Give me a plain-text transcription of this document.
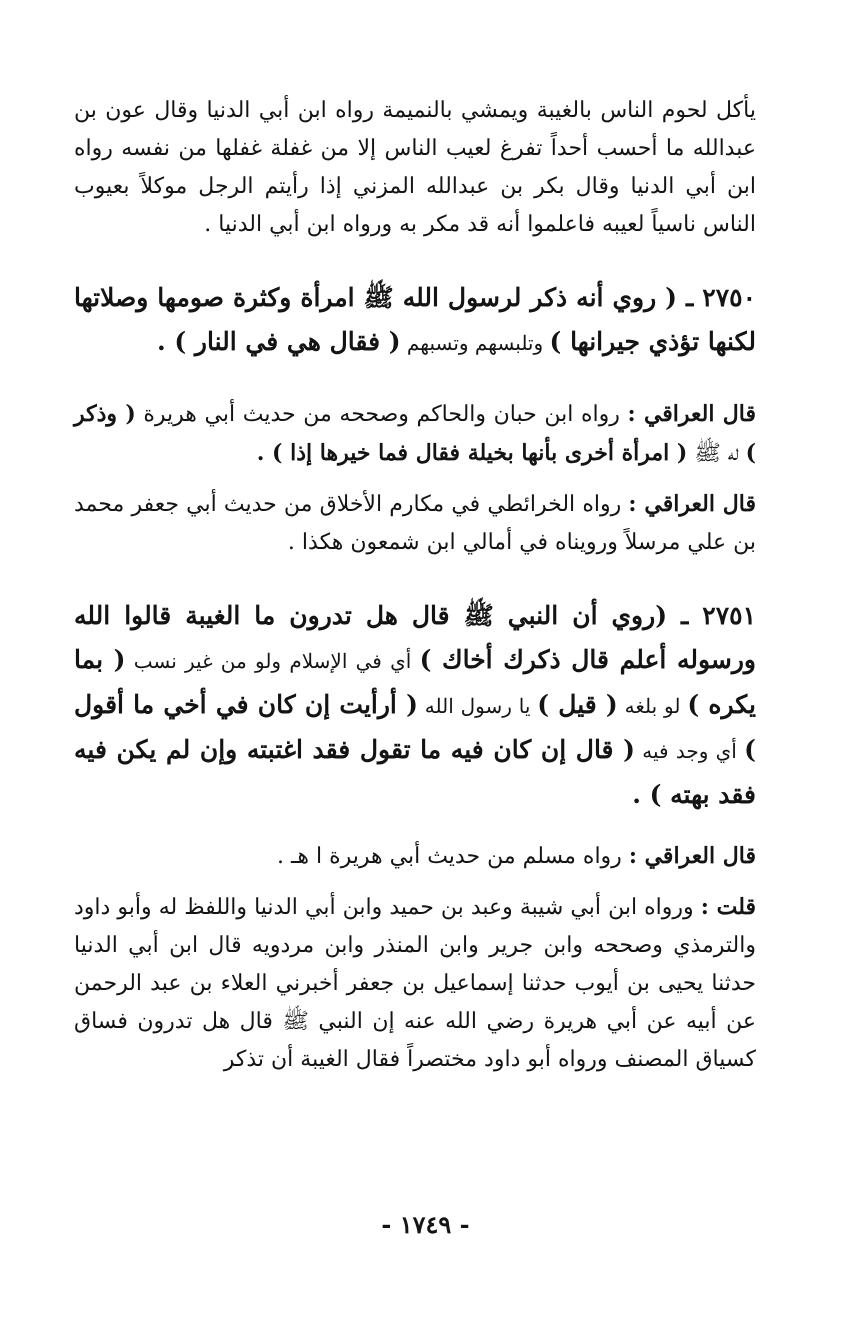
يأكل لحوم الناس بالغيبة ويمشي بالنميمة رواه ابن أبي الدنيا وقال عون بن عبدالله ما أحسب أحداً تفرغ لعيب الناس إلا من غفلة غفلها من نفسه رواه ابن أبي الدنيا وقال بكر بن عبدالله المزني إذا رأيتم الرجل موكلاً بعيوب الناس ناسياً لعيبه فاعلموا أنه قد مكر به ورواه ابن أبي الدنيا .

٢٧٥٠ ـ ( روي أنه ذكر لرسول الله ﷺ امرأة وكثرة صومها وصلاتها لكنها تؤذي جيرانها ) وتلبسهم وتسبهم ( فقال هي في النار ) .

قال العراقي : رواه ابن حبان والحاكم وصححه من حديث أبي هريرة ( وذكر ) له ﷺ ( امرأة أخرى بأنها بخيلة فقال فما خيرها إذا ) .

قال العراقي : رواه الخرائطي في مكارم الأخلاق من حديث أبي جعفر محمد بن علي مرسلاً ورويناه في أمالي ابن شمعون هكذا .

٢٧٥١ ـ (روي أن النبي ﷺ قال هل تدرون ما الغيبة قالوا الله ورسوله أعلم قال ذكرك أخاك ) أي في الإسلام ولو من غير نسب ( بما يكره ) لو بلغه ( قيل ) يا رسول الله ( أرأيت إن كان في أخي ما أقول ) أي وجد فيه ( قال إن كان فيه ما تقول فقد اغتبته وإن لم يكن فيه فقد بهته ) .

قال العراقي : رواه مسلم من حديث أبي هريرة ا هـ .

قلت : ورواه ابن أبي شيبة وعبد بن حميد وابن أبي الدنيا واللفظ له وأبو داود والترمذي وصححه وابن جرير وابن المنذر وابن مردويه قال ابن أبي الدنيا حدثنا يحيى بن أيوب حدثنا إسماعيل بن جعفر أخبرني العلاء بن عبد الرحمن عن أبيه عن أبي هريرة رضي الله عنه إن النبي ﷺ قال هل تدرون فساق كسياق المصنف ورواه أبو داود مختصراً فقال الغيبة أن تذكر

- ١٧٤٩ -
